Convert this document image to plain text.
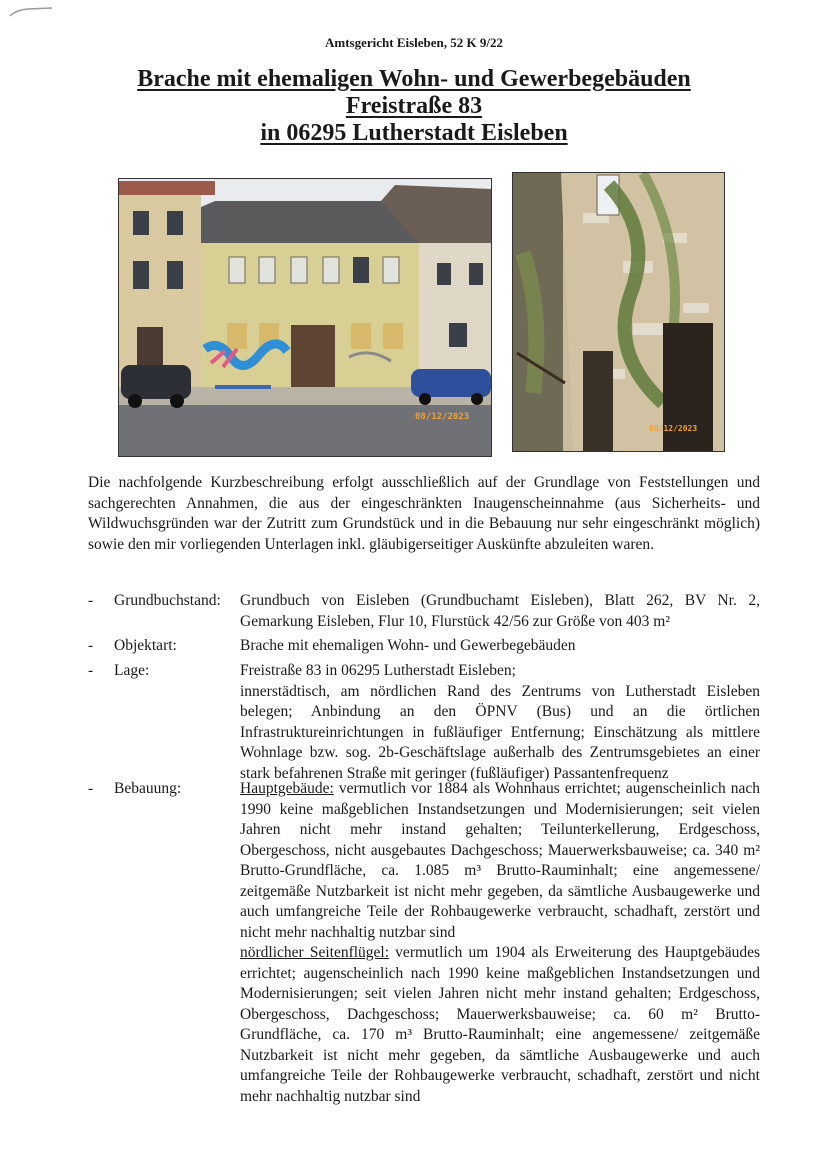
Amtsgericht Eisleben, 52 K 9/22
Brache mit ehemaligen Wohn- und Gewerbegebäuden
Freistraße 83
in 06295 Lutherstadt Eisleben
08/12/2023
08/12/2023
Die nachfolgende Kurzbeschreibung erfolgt ausschließlich auf der Grundlage von Feststellungen und sachgerechten Annahmen, die aus der eingeschränkten Inaugenscheinnahme (aus Sicherheits- und Wildwuchsgründen war der Zutritt zum Grundstück und in die Bebauung nur sehr eingeschränkt möglich) sowie den mir vorliegenden Unterlagen inkl. gläubigerseitiger Auskünfte abzuleiten waren.
- Grundbuchstand: Grundbuch von Eisleben (Grundbuchamt Eisleben), Blatt 262, BV Nr. 2, Gemarkung Eisleben, Flur 10, Flurstück 42/56 zur Größe von 403 m²
- Objektart:	Brache mit ehemaligen Wohn- und Gewerbegebäuden
- Lage:	Freistraße 83 in 06295 Lutherstadt Eisleben;

innerstädtisch, am nördlichen Rand des Zentrums von Lutherstadt Eisleben belegen; Anbindung an den ÖPNV (Bus) und an die örtlichen Infrastruktureinrichtungen in fußläufiger Entfernung; Einschätzung als mittlere Wohnlage bzw. sog. 2b-Geschäftslage außerhalb des Zentrumsgebietes an einer stark befahrenen Straße mit geringer (fußläufiger) Passantenfrequenz

- Bebauung:	Hauptgebäude: vermutlich vor 1884 als Wohnhaus errichtet; augenscheinlich nach 1990 keine maßgeblichen Instandsetzungen und Modernisierungen; seit vielen Jahren nicht mehr instand gehalten; Teilunterkellerung, Erdgeschoss, Obergeschoss, nicht ausgebautes Dachgeschoss; Mauerwerksbauweise; ca. 340 m² Brutto-Grundfläche, ca. 1.085 m³ Brutto-Rauminhalt; eine angemessene/ zeitgemäße Nutzbarkeit ist nicht mehr gegeben, da sämtliche Ausbaugewerke und auch umfangreiche Teile der Rohbaugewerke verbraucht, schadhaft, zerstört und nicht mehr nachhaltig nutzbar sind

nördlicher Seitenflügel: vermutlich um 1904 als Erweiterung des Hauptgebäudes errichtet; augenscheinlich nach 1990 keine maßgeblichen Instandsetzungen und Modernisierungen; seit vielen Jahren nicht mehr instand gehalten; Erdgeschoss, Obergeschoss, Dachgeschoss; Mauerwerksbauweise; ca. 60 m² Brutto-Grundfläche, ca. 170 m³ Brutto-Rauminhalt; eine angemessene/ zeitgemäße Nutzbarkeit ist nicht mehr gegeben, da sämtliche Ausbaugewerke und auch umfangreiche Teile der Rohbaugewerke verbraucht, schadhaft, zerstört und nicht mehr nachhaltig nutzbar sind
